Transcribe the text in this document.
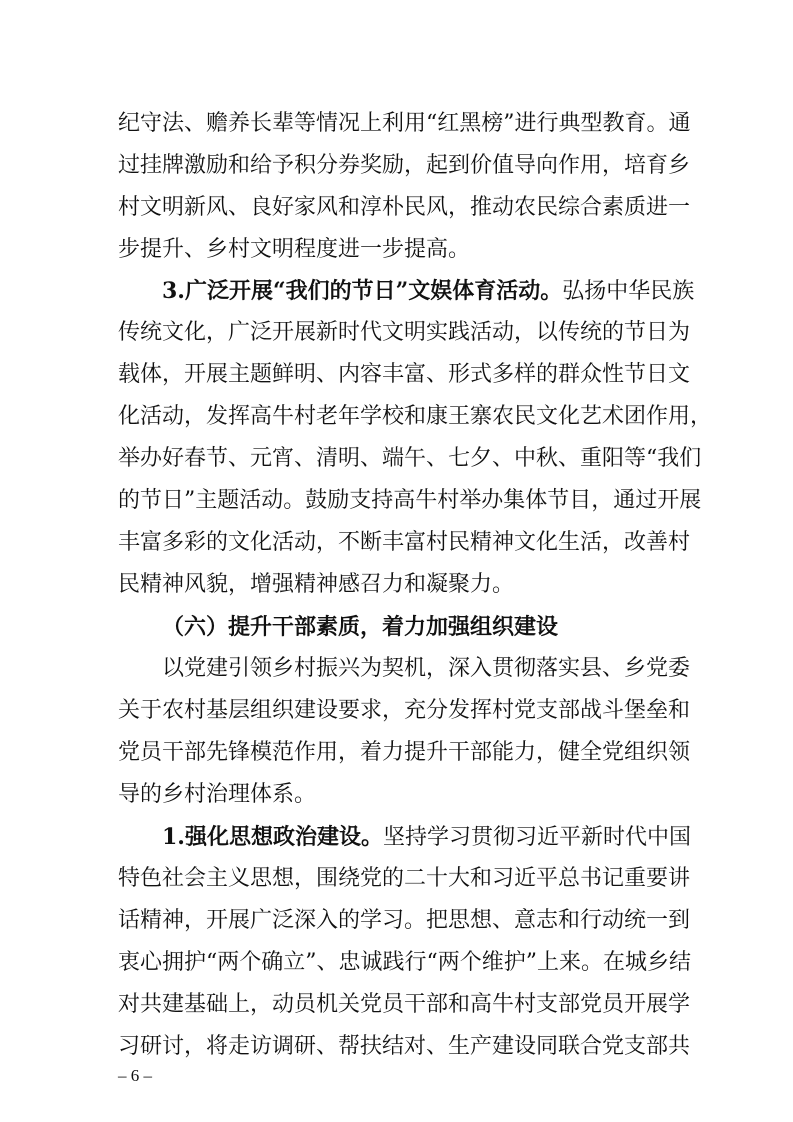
纪守法、赡养长辈等情况上利用“红黑榜”进行典型教育。通
过挂牌激励和给予积分券奖励，起到价值导向作用，培育乡
村文明新风、良好家风和淳朴民风，推动农民综合素质进一
步提升、乡村文明程度进一步提高。
3.广泛开展“我们的节日”文娱体育活动。弘扬中华民族
传统文化，广泛开展新时代文明实践活动，以传统的节日为
载体，开展主题鲜明、内容丰富、形式多样的群众性节日文
化活动，发挥高牛村老年学校和康王寨农民文化艺术团作用，
举办好春节、元宵、清明、端午、七夕、中秋、重阳等“我们
的节日”主题活动。鼓励支持高牛村举办集体节目，通过开展
丰富多彩的文化活动，不断丰富村民精神文化生活，改善村
民精神风貌，增强精神感召力和凝聚力。
（六）提升干部素质，着力加强组织建设
以党建引领乡村振兴为契机，深入贯彻落实县、乡党委
关于农村基层组织建设要求，充分发挥村党支部战斗堡垒和
党员干部先锋模范作用，着力提升干部能力，健全党组织领
导的乡村治理体系。
1.强化思想政治建设。坚持学习贯彻习近平新时代中国
特色社会主义思想，围绕党的二十大和习近平总书记重要讲
话精神，开展广泛深入的学习。把思想、意志和行动统一到
衷心拥护“两个确立”、忠诚践行“两个维护”上来。在城乡结
对共建基础上，动员机关党员干部和高牛村支部党员开展学
习研讨，将走访调研、帮扶结对、生产建设同联合党支部共
– 6 –
